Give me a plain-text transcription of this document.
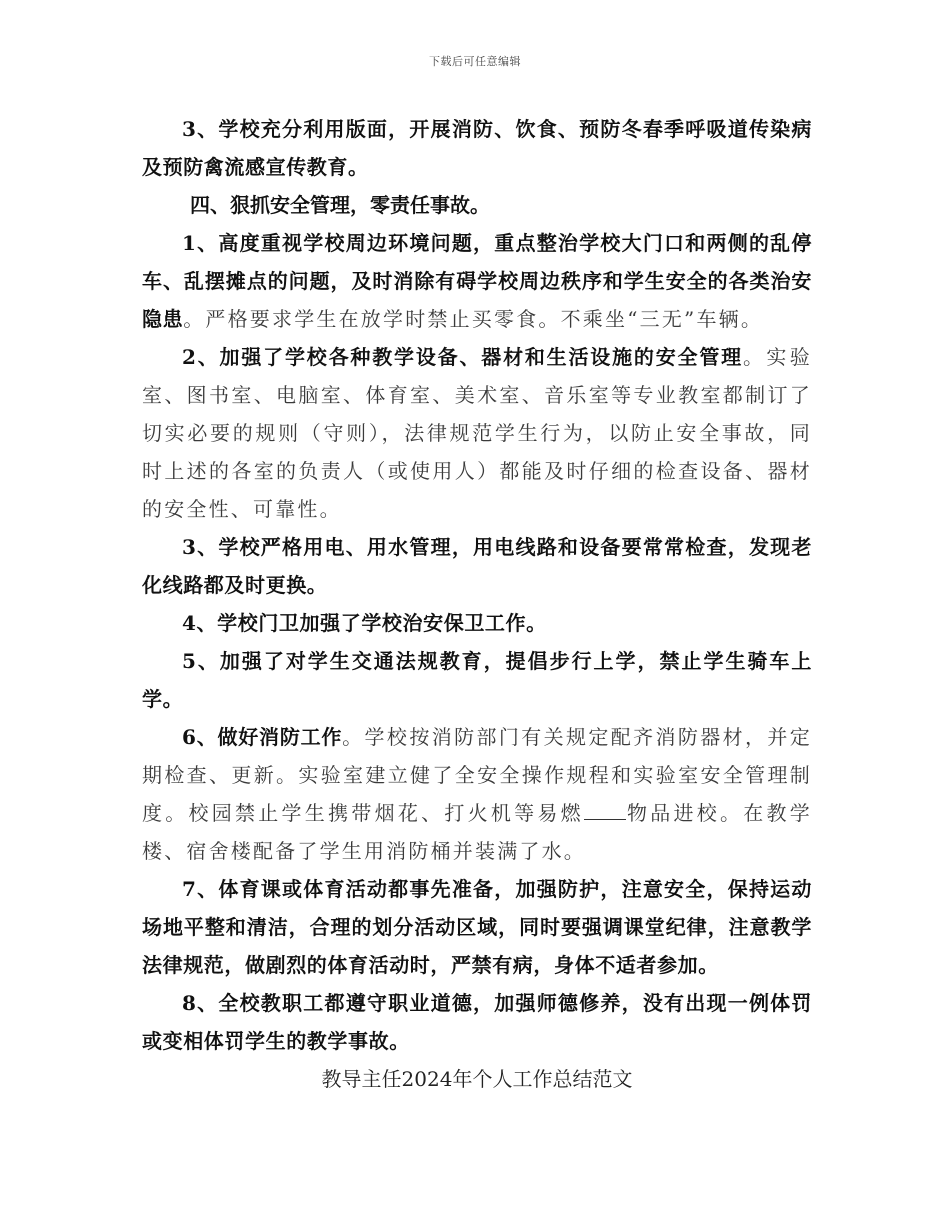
下载后可任意编辑

3、学校充分利用版面，开展消防、饮食、预防冬春季呼吸道传染病及预防禽流感宣传教育。

四、狠抓安全管理，零责任事故。

1、高度重视学校周边环境问题，重点整治学校大门口和两侧的乱停车、乱摆摊点的问题，及时消除有碍学校周边秩序和学生安全的各类治安隐患。严格要求学生在放学时禁止买零食。不乘坐“三无”车辆。

2、加强了学校各种教学设备、器材和生活设施的安全管理。实验室、图书室、电脑室、体育室、美术室、音乐室等专业教室都制订了切实必要的规则（守则），法律规范学生行为，以防止安全事故，同时上述的各室的负责人（或使用人）都能及时仔细的检查设备、器材的安全性、可靠性。

3、学校严格用电、用水管理，用电线路和设备要常常检查，发现老化线路都及时更换。

4、学校门卫加强了学校治安保卫工作。

5、加强了对学生交通法规教育，提倡步行上学，禁止学生骑车上学。

6、做好消防工作。学校按消防部门有关规定配齐消防器材，并定期检查、更新。实验室建立健了全安全操作规程和实验室安全管理制度。校园禁止学生携带烟花、打火机等易燃 物品进校。在教学楼、宿舍楼配备了学生用消防桶并装满了水。

7、体育课或体育活动都事先准备，加强防护，注意安全，保持运动场地平整和清洁，合理的划分活动区域，同时要强调课堂纪律，注意教学法律规范，做剧烈的体育活动时，严禁有病，身体不适者参加。

8、全校教职工都遵守职业道德，加强师德修养，没有出现一例体罚或变相体罚学生的教学事故。

教导主任2024年个人工作总结范文
